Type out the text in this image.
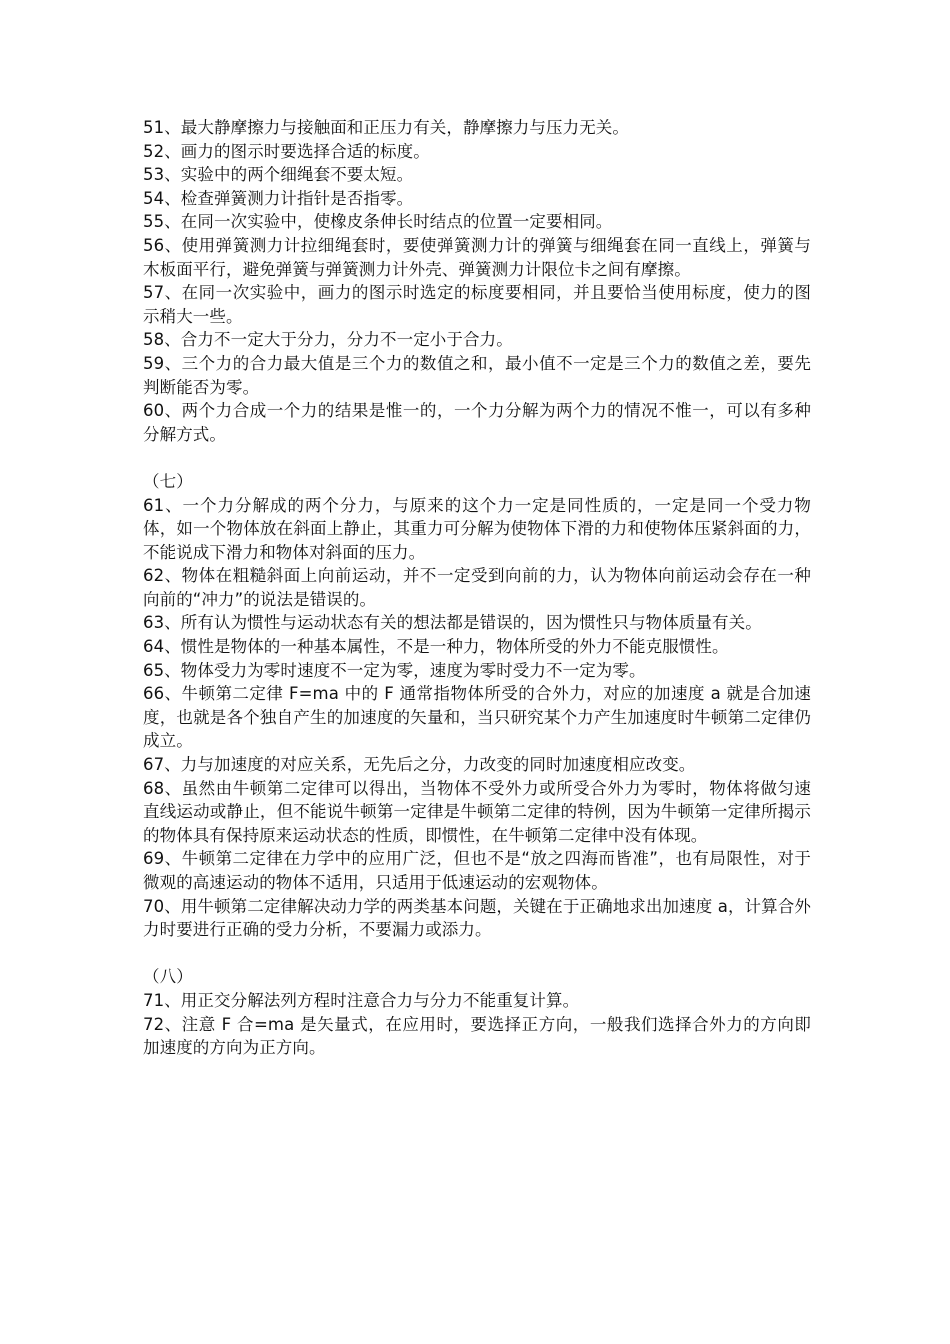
51、最大静摩擦力与接触面和正压力有关，静摩擦力与压力无关。

52、画力的图示时要选择合适的标度。

53、实验中的两个细绳套不要太短。

54、检查弹簧测力计指针是否指零。

55、在同一次实验中，使橡皮条伸长时结点的位置一定要相同。

56、使用弹簧测力计拉细绳套时，要使弹簧测力计的弹簧与细绳套在同一直线上，弹簧与木板面平行，避免弹簧与弹簧测力计外壳、弹簧测力计限位卡之间有摩擦。

57、在同一次实验中，画力的图示时选定的标度要相同，并且要恰当使用标度，使力的图示稍大一些。

58、合力不一定大于分力，分力不一定小于合力。

59、三个力的合力最大值是三个力的数值之和，最小值不一定是三个力的数值之差，要先判断能否为零。

60、两个力合成一个力的结果是惟一的，一个力分解为两个力的情况不惟一，可以有多种分解方式。

（七）

61、一个力分解成的两个分力，与原来的这个力一定是同性质的，一定是同一个受力物体，如一个物体放在斜面上静止，其重力可分解为使物体下滑的力和使物体压紧斜面的力，不能说成下滑力和物体对斜面的压力。

62、物体在粗糙斜面上向前运动，并不一定受到向前的力，认为物体向前运动会存在一种向前的“冲力”的说法是错误的。

63、所有认为惯性与运动状态有关的想法都是错误的，因为惯性只与物体质量有关。

64、惯性是物体的一种基本属性，不是一种力，物体所受的外力不能克服惯性。

65、物体受力为零时速度不一定为零，速度为零时受力不一定为零。

66、牛顿第二定律 F=ma 中的 F 通常指物体所受的合外力，对应的加速度 a 就是合加速度，也就是各个独自产生的加速度的矢量和，当只研究某个力产生加速度时牛顿第二定律仍成立。

67、力与加速度的对应关系，无先后之分，力改变的同时加速度相应改变。

68、虽然由牛顿第二定律可以得出，当物体不受外力或所受合外力为零时，物体将做匀速直线运动或静止，但不能说牛顿第一定律是牛顿第二定律的特例，因为牛顿第一定律所揭示的物体具有保持原来运动状态的性质，即惯性，在牛顿第二定律中没有体现。

69、牛顿第二定律在力学中的应用广泛，但也不是“放之四海而皆准”，也有局限性，对于微观的高速运动的物体不适用，只适用于低速运动的宏观物体。

70、用牛顿第二定律解决动力学的两类基本问题，关键在于正确地求出加速度 a，计算合外力时要进行正确的受力分析，不要漏力或添力。

（八）

71、用正交分解法列方程时注意合力与分力不能重复计算。

72、注意 F 合=ma 是矢量式，在应用时，要选择正方向，一般我们选择合外力的方向即加速度的方向为正方向。
